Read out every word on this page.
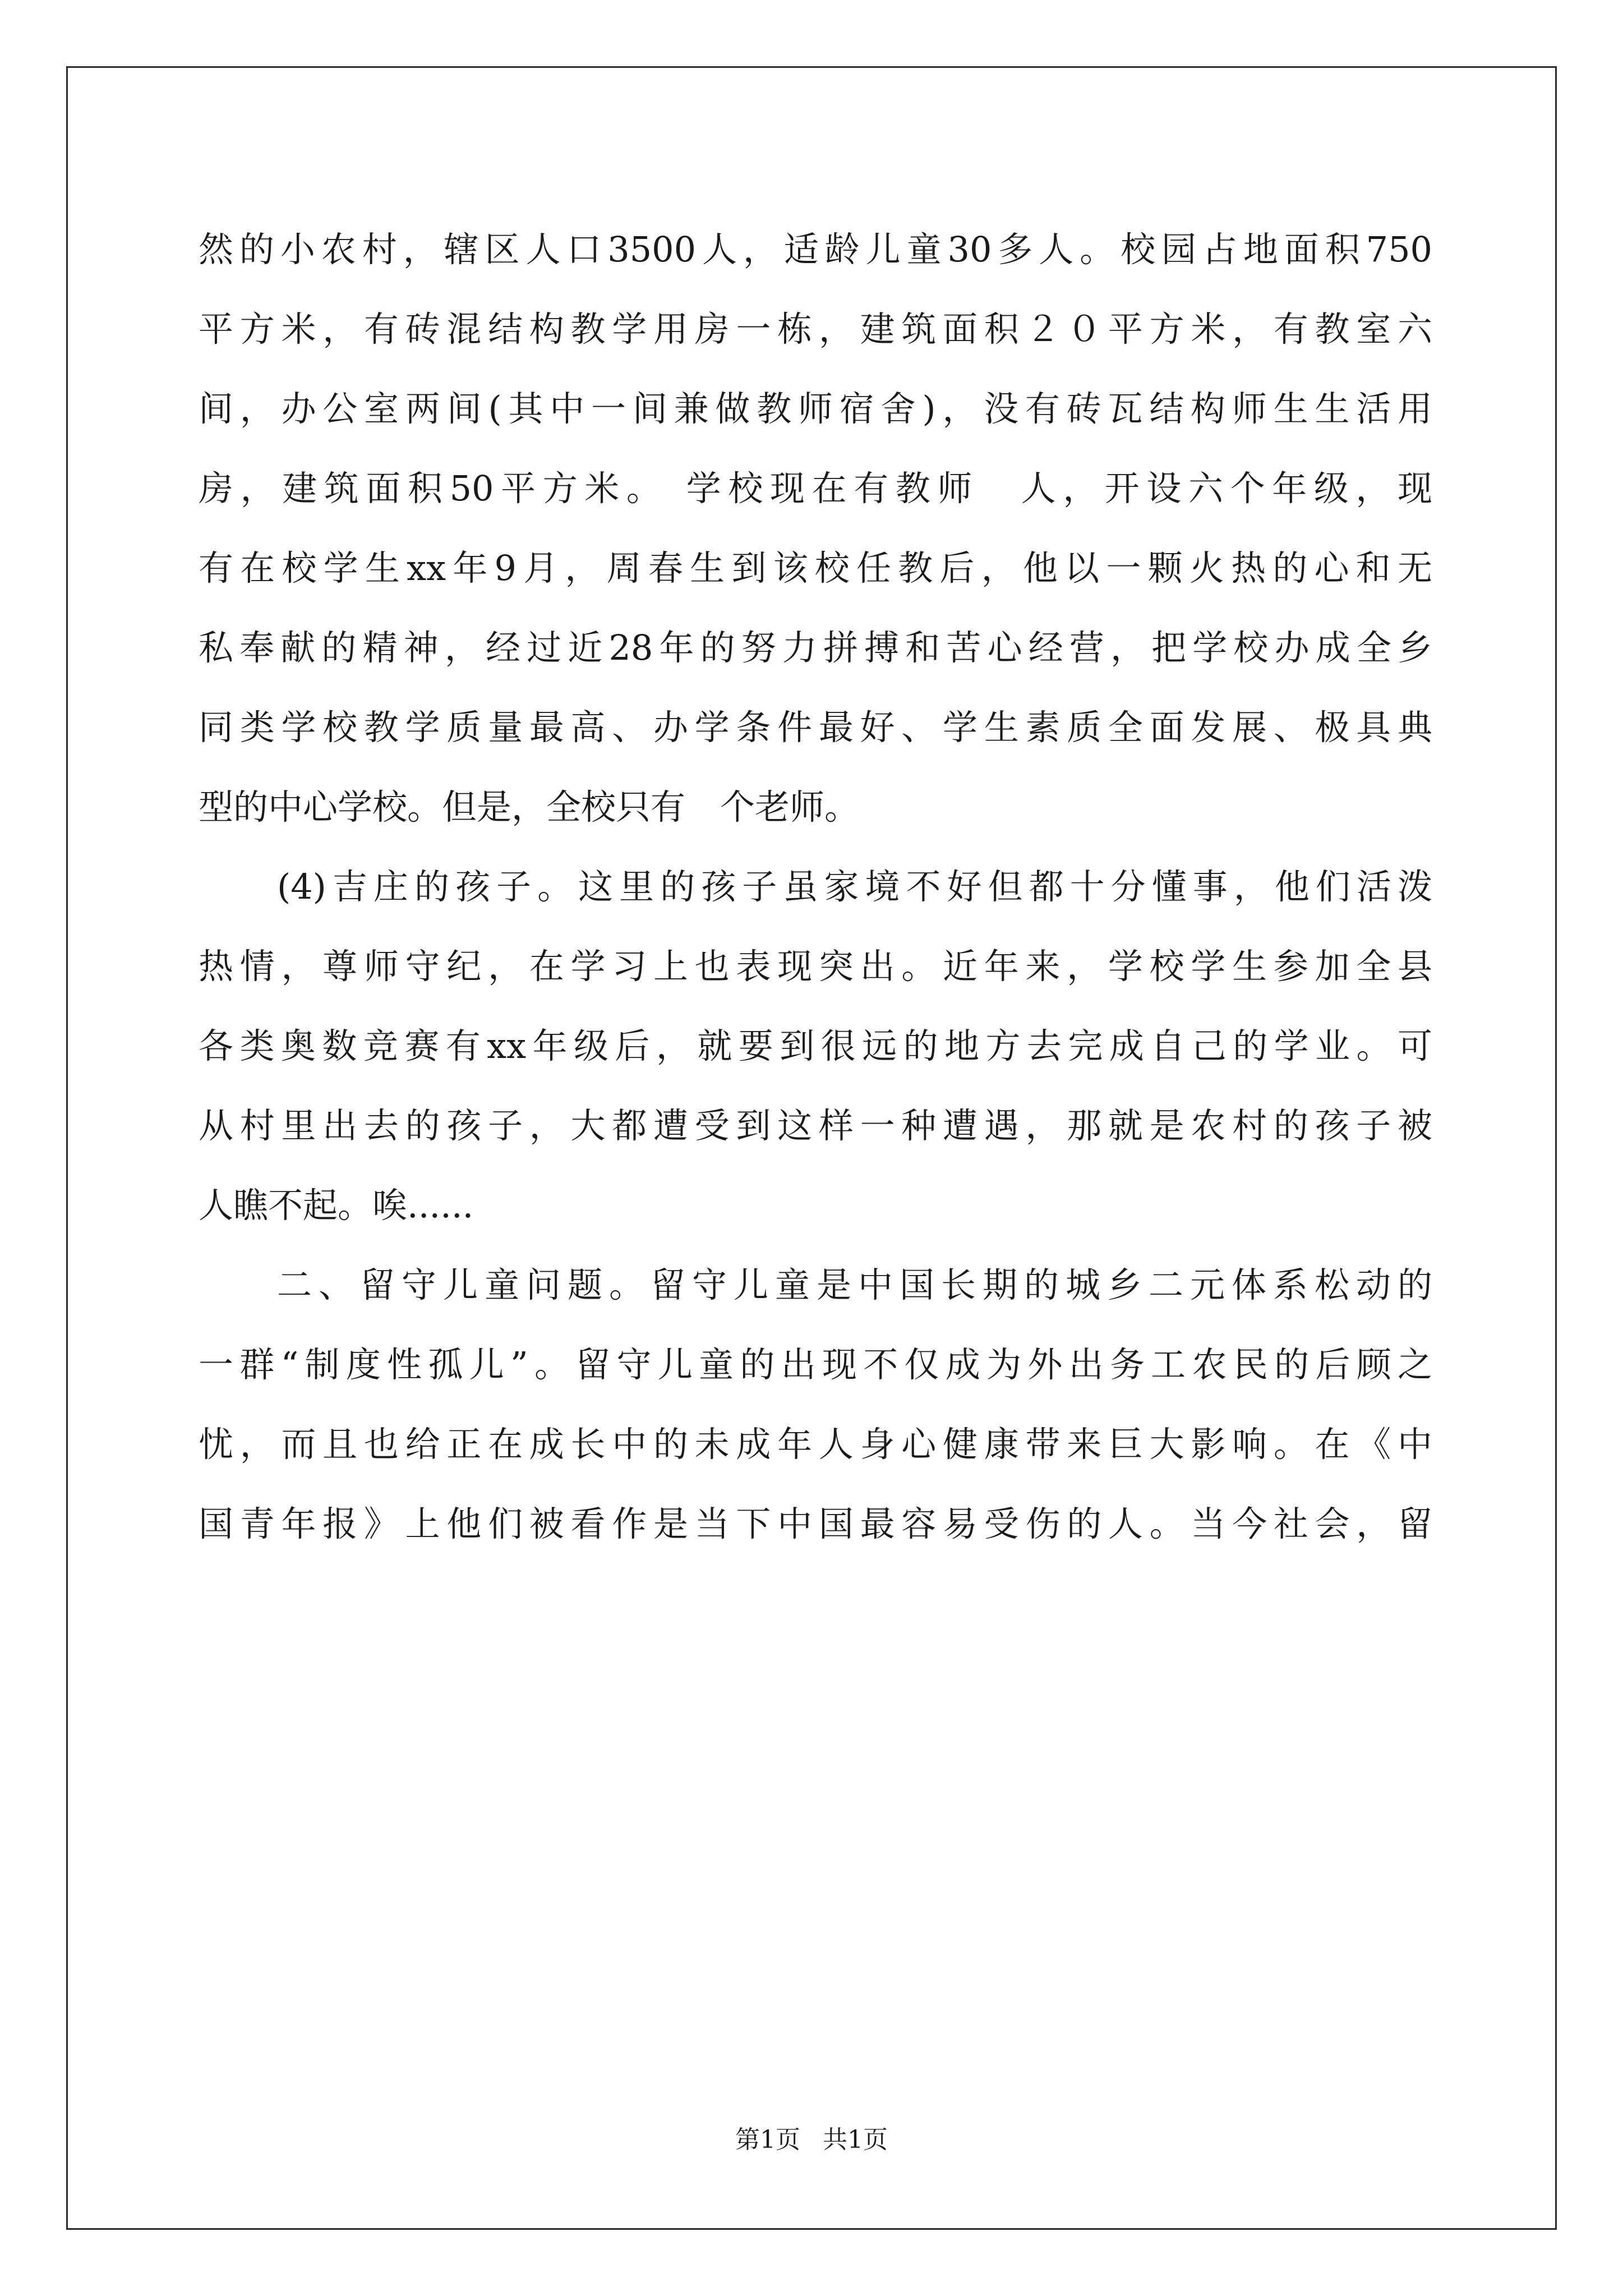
然的小农村，辖区人口3500人，适龄儿童30多人。校园占地面积750
平方米，有砖混结构教学用房一栋，建筑面积２０平方米，有教室六
间，办公室两间(其中一间兼做教师宿舍)，没有砖瓦结构师生生活用
房，建筑面积50平方米。 学校现在有教师　人，开设六个年级，现
有在校学生xx年9月，周春生到该校任教后，他以一颗火热的心和无
私奉献的精神，经过近28年的努力拼搏和苦心经营，把学校办成全乡
同类学校教学质量最高、办学条件最好、学生素质全面发展、极具典
型的中心学校。但是，全校只有　个老师。
(4)吉庄的孩子。这里的孩子虽家境不好但都十分懂事，他们活泼
热情，尊师守纪，在学习上也表现突出。近年来，学校学生参加全县
各类奥数竞赛有xx年级后，就要到很远的地方去完成自己的学业。可
从村里出去的孩子，大都遭受到这样一种遭遇，那就是农村的孩子被
人瞧不起。唉......
二、留守儿童问题。留守儿童是中国长期的城乡二元体系松动的
一群“制度性孤儿”。留守儿童的出现不仅成为外出务工农民的后顾之
忧，而且也给正在成长中的未成年人身心健康带来巨大影响。在《中
国青年报》上他们被看作是当下中国最容易受伤的人。当今社会，留
第1页 共1页
